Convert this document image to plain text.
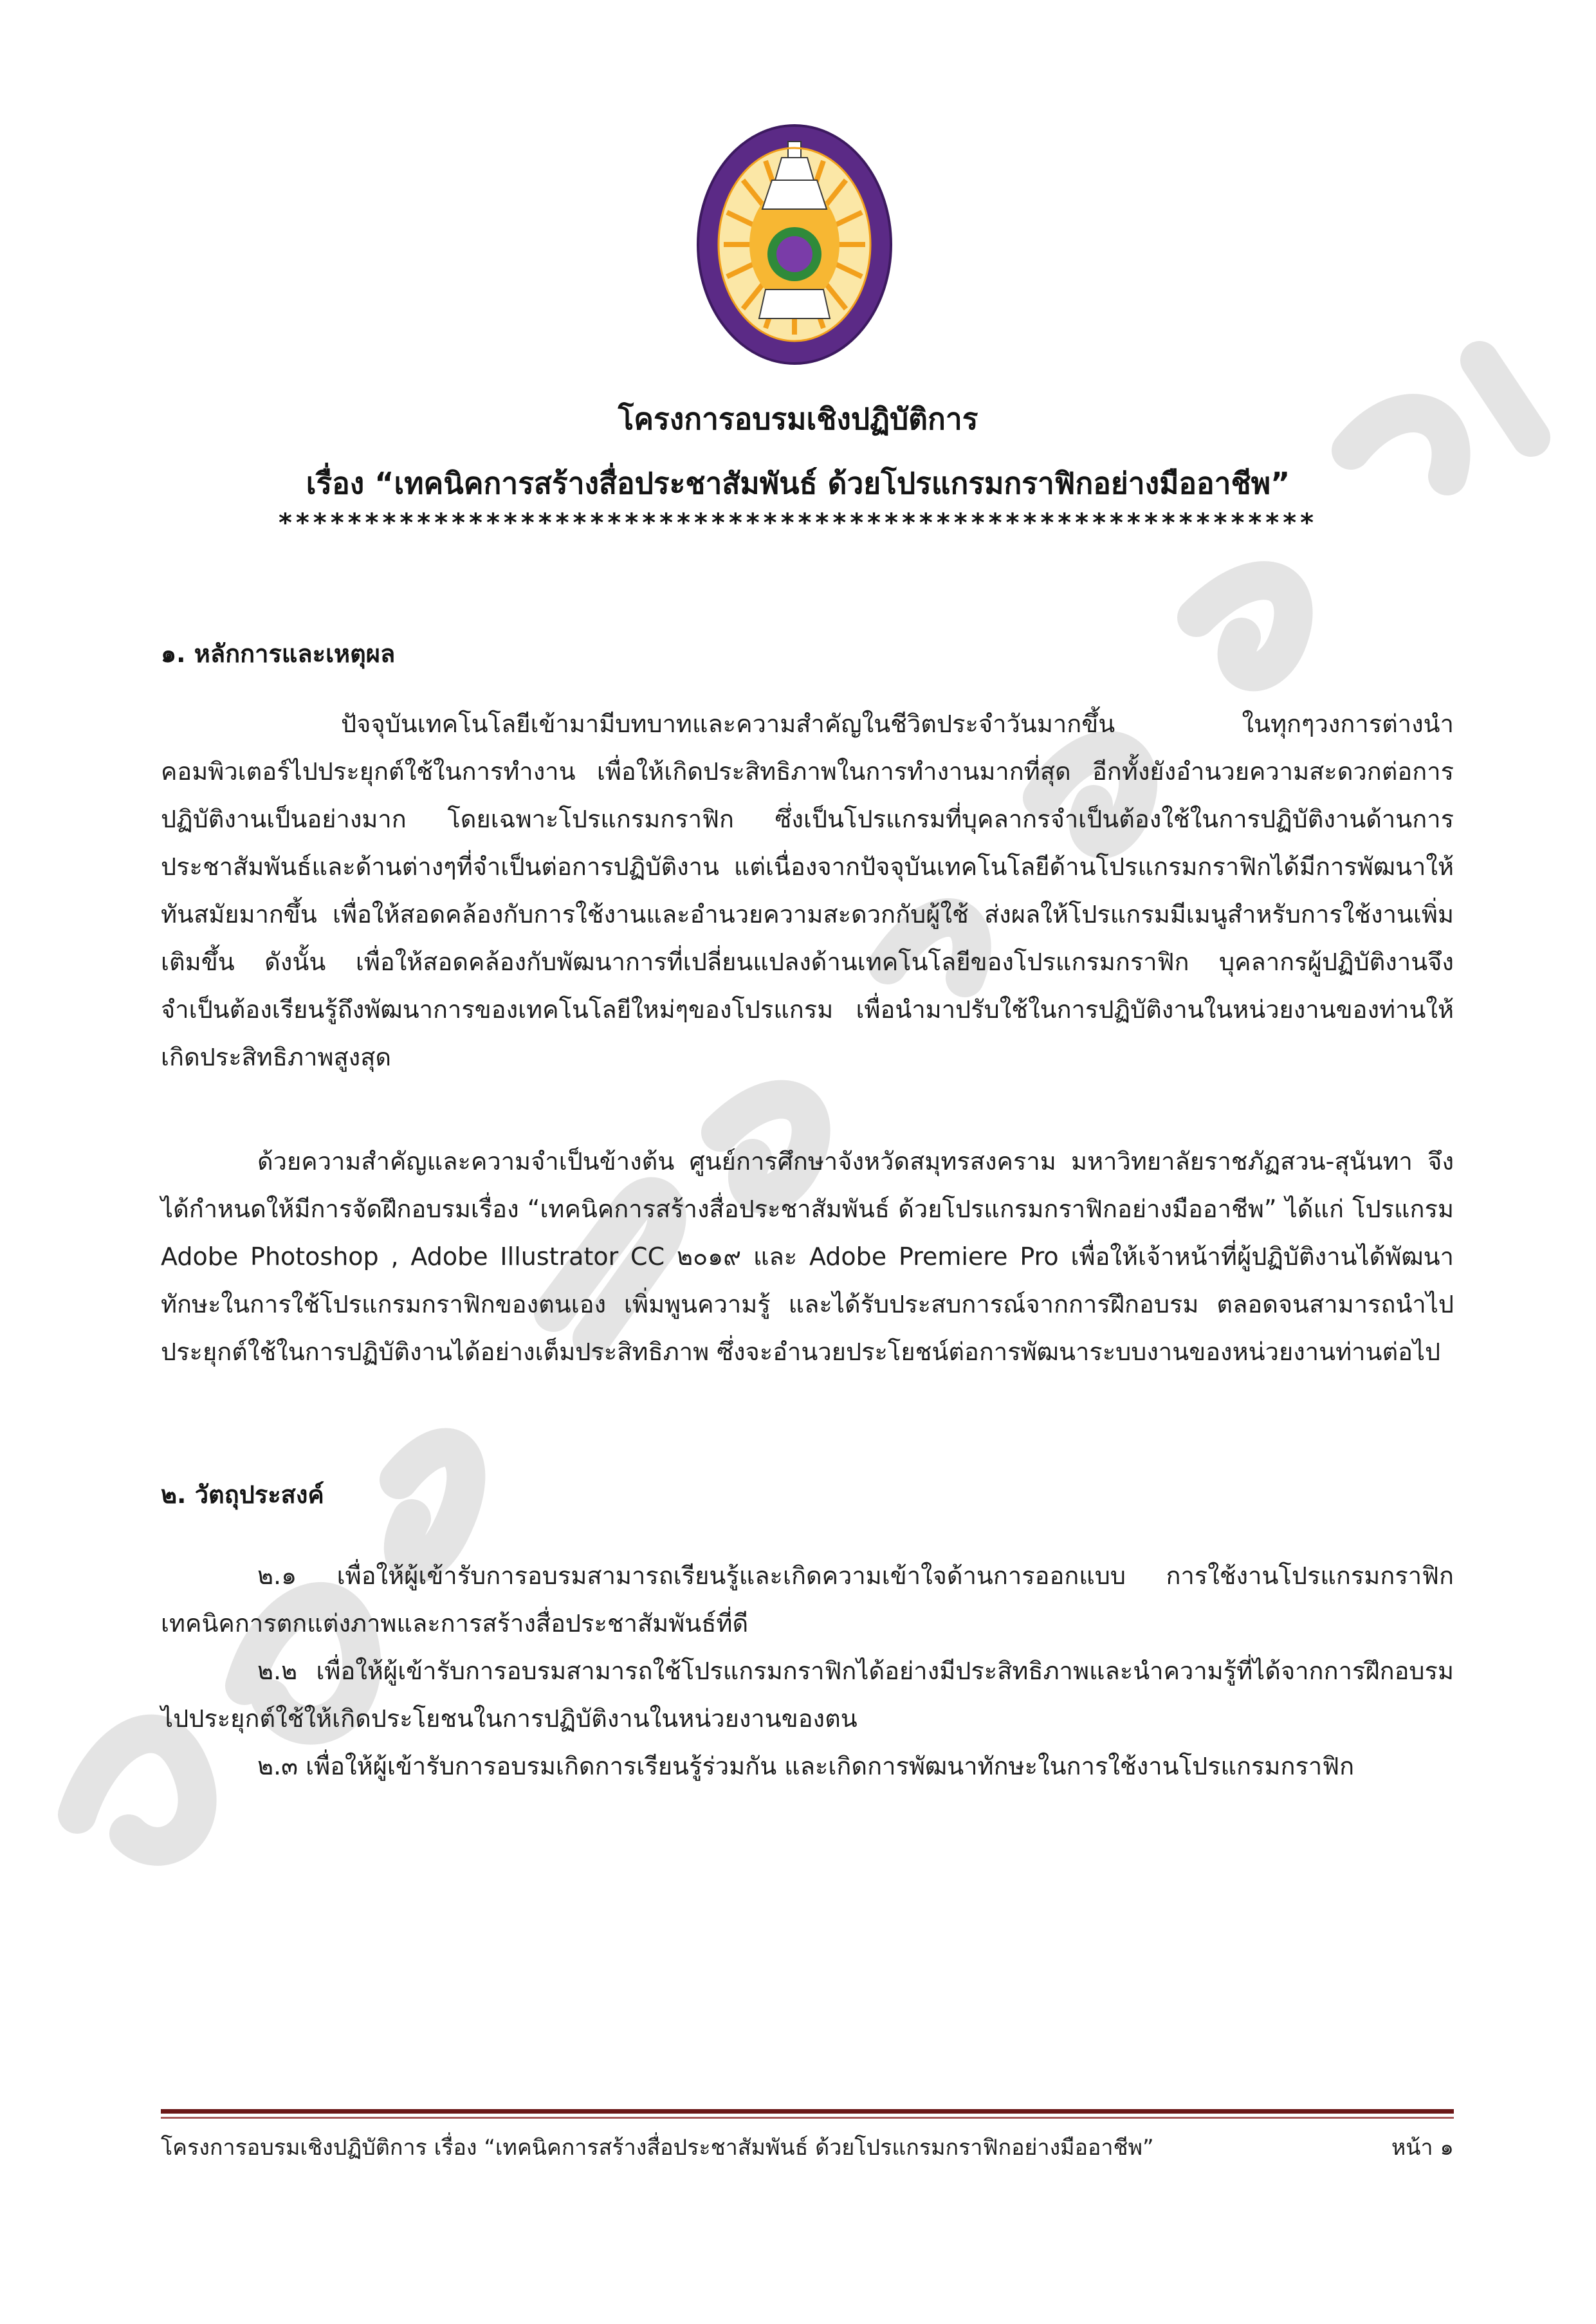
โครงการอบรมเชิงปฏิบัติการ
เรื่อง “เทคนิคการสร้างสื่อประชาสัมพันธ์ ด้วยโปรแกรมกราฟิกอย่างมืออาชีพ”
************************************************************
๑. หลักการและเหตุผล

ปัจจุบันเทคโนโลยีเข้ามามีบทบาทและความสำคัญในชีวิตประจำวันมากขึ้น ในทุกๆวงการต่างนำคอมพิวเตอร์ไปประยุกต์ใช้ในการทำงาน เพื่อให้เกิดประสิทธิภาพในการทำงานมากที่สุด อีกทั้งยังอำนวยความสะดวกต่อการปฏิบัติงานเป็นอย่างมาก โดยเฉพาะโปรแกรมกราฟิก ซึ่งเป็นโปรแกรมที่บุคลากรจำเป็นต้องใช้ในการปฏิบัติงานด้านการประชาสัมพันธ์และด้านต่างๆที่จำเป็นต่อการปฏิบัติงาน แต่เนื่องจากปัจจุบันเทคโนโลยีด้านโปรแกรมกราฟิกได้มีการพัฒนาให้ทันสมัยมากขึ้น เพื่อให้สอดคล้องกับการใช้งานและอำนวยความสะดวกกับผู้ใช้ ส่งผลให้โปรแกรมมีเมนูสำหรับการใช้งานเพิ่มเติมขึ้น ดังนั้น เพื่อให้สอดคล้องกับพัฒนาการที่เปลี่ยนแปลงด้านเทคโนโลยีของโปรแกรมกราฟิก บุคลากรผู้ปฏิบัติงานจึงจำเป็นต้องเรียนรู้ถึงพัฒนาการของเทคโนโลยีใหม่ๆของโปรแกรม เพื่อนำมาปรับใช้ในการปฏิบัติงานในหน่วยงานของท่านให้เกิดประสิทธิภาพสูงสุด

ด้วยความสำคัญและความจำเป็นข้างต้น ศูนย์การศึกษาจังหวัดสมุทรสงคราม มหาวิทยาลัยราชภัฏสวน-สุนันทา จึงได้กำหนดให้มีการจัดฝึกอบรมเรื่อง “เทคนิคการสร้างสื่อประชาสัมพันธ์ ด้วยโปรแกรมกราฟิกอย่างมืออาชีพ” ได้แก่ โปรแกรม Adobe Photoshop , Adobe Illustrator CC ๒๐๑๙ และ Adobe Premiere Pro เพื่อให้เจ้าหน้าที่ผู้ปฏิบัติงานได้พัฒนาทักษะในการใช้โปรแกรมกราฟิกของตนเอง เพิ่มพูนความรู้ และได้รับประสบการณ์จากการฝึกอบรม ตลอดจนสามารถนำไปประยุกต์ใช้ในการปฏิบัติงานได้อย่างเต็มประสิทธิภาพ ซึ่งจะอำนวยประโยชน์ต่อการพัฒนาระบบงานของหน่วยงานท่านต่อไป

๒. วัตถุประสงค์

๒.๑ เพื่อให้ผู้เข้ารับการอบรมสามารถเรียนรู้และเกิดความเข้าใจด้านการออกแบบ การใช้งานโปรแกรมกราฟิก เทคนิคการตกแต่งภาพและการสร้างสื่อประชาสัมพันธ์ที่ดี

๒.๒ เพื่อให้ผู้เข้ารับการอบรมสามารถใช้โปรแกรมกราฟิกได้อย่างมีประสิทธิภาพและนำความรู้ที่ได้จากการฝึกอบรมไปประยุกต์ใช้ให้เกิดประโยชนในการปฏิบัติงานในหน่วยงานของตน

๒.๓ เพื่อให้ผู้เข้ารับการอบรมเกิดการเรียนรู้ร่วมกัน และเกิดการพัฒนาทักษะในการใช้งานโปรแกรมกราฟิก

โครงการอบรมเชิงปฏิบัติการ เรื่อง “เทคนิคการสร้างสื่อประชาสัมพันธ์ ด้วยโปรแกรมกราฟิกอย่างมืออาชีพ”	หน้า ๑
